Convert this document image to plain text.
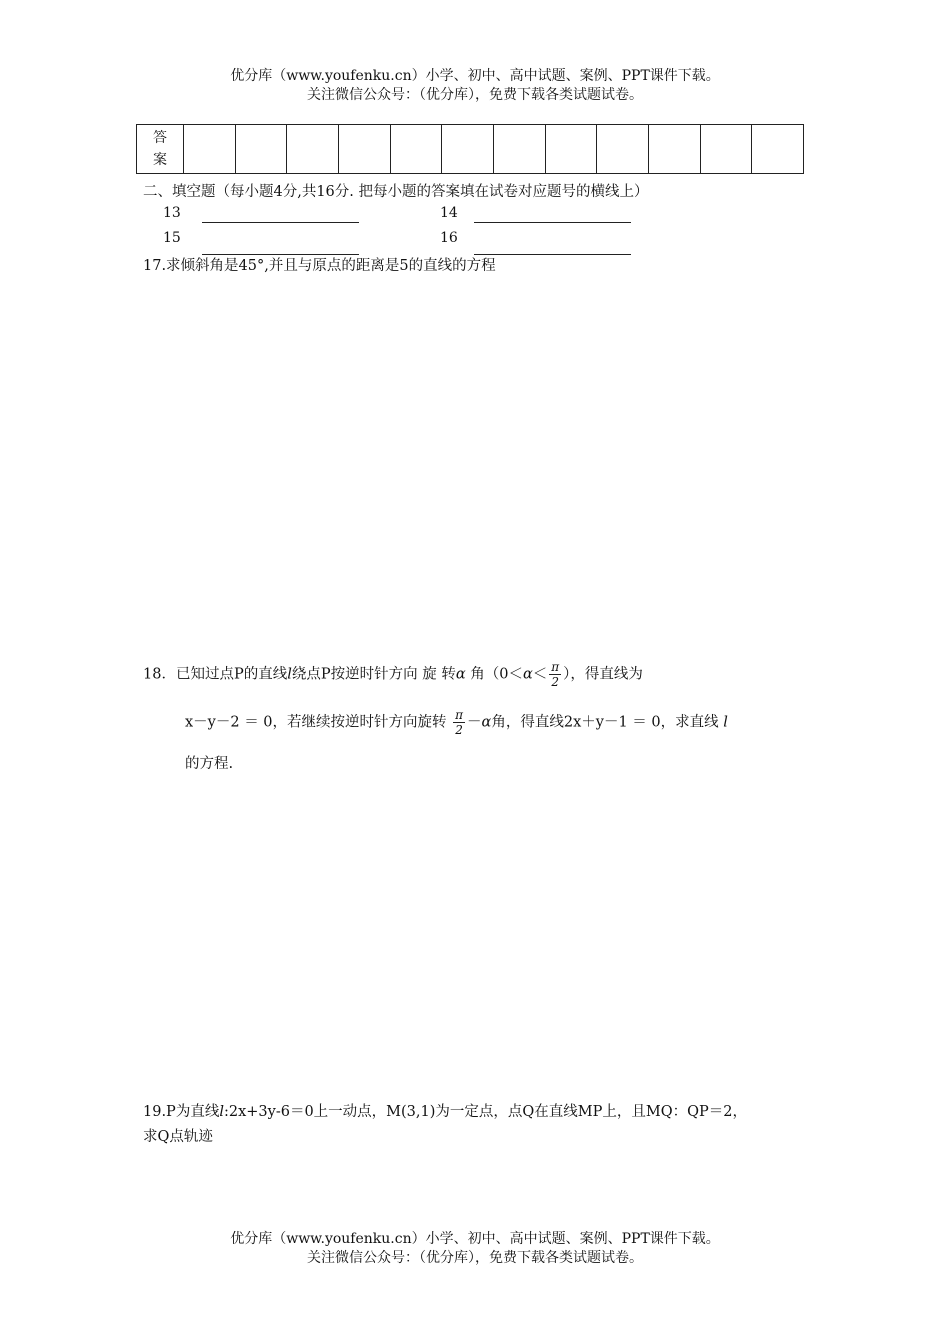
优分库（www.youfenku.cn）小学、初中、高中试题、案例、PPT课件下载。
关注微信公众号：（优分库），免费下载各类试题试卷。
答
案

二、填空题（每小题4分,共16分. 把每小题的答案填在试卷对应题号的横线上）
13	14
15	16
17.求倾斜角是45°,并且与原点的距离是5的直线的方程
18．已知过点P的直线l绕点P按逆时针方向 旋 转α 角（$0<\alpha< \frac{\pi}{2}$ ），得直线为
x－y－2 ＝ 0，若继续按逆时针方向旋转 $\frac{\pi}{2} -\alpha$角，得直线2x＋y－1 ＝ 0，求直线 l
的方程.
19.P为直线l:2x+3y-6＝0上一动点，M(3,1)为一定点，点Q在直线MP上，且MQ：QP＝2，
求Q点轨迹
优分库（www.youfenku.cn）小学、初中、高中试题、案例、PPT课件下载。
关注微信公众号：（优分库），免费下载各类试题试卷。
